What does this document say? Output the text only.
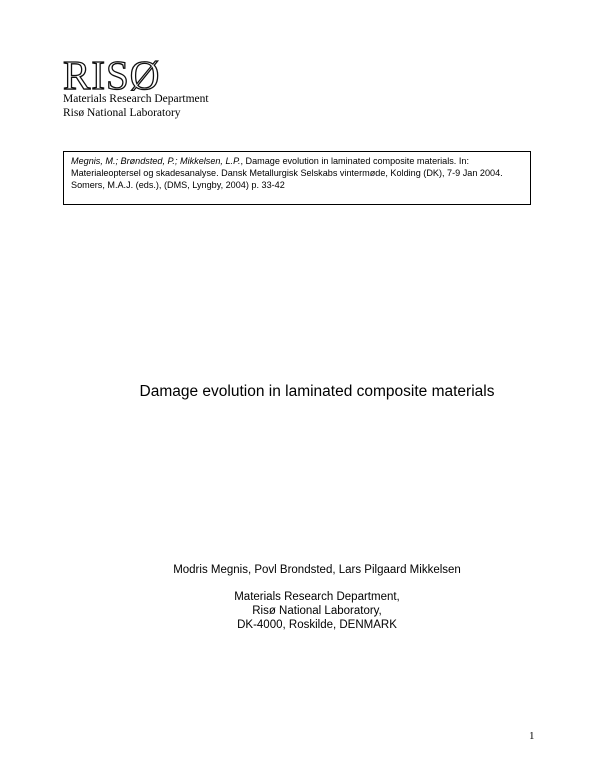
RISØ
Materials Research Department
Risø National Laboratory
Megnis, M.; Brøndsted, P.; Mikkelsen, L.P., Damage evolution in laminated composite materials. In: Materialeoptersel og skadesanalyse. Dansk Metallurgisk Selskabs vintermøde, Kolding (DK), 7-9 Jan 2004. Somers, M.A.J. (eds.), (DMS, Lyngby, 2004) p. 33-42
Damage evolution in laminated composite materials
Modris Megnis, Povl Brondsted, Lars Pilgaard Mikkelsen
Materials Research Department,
Risø National Laboratory,
DK-4000, Roskilde, DENMARK
1
